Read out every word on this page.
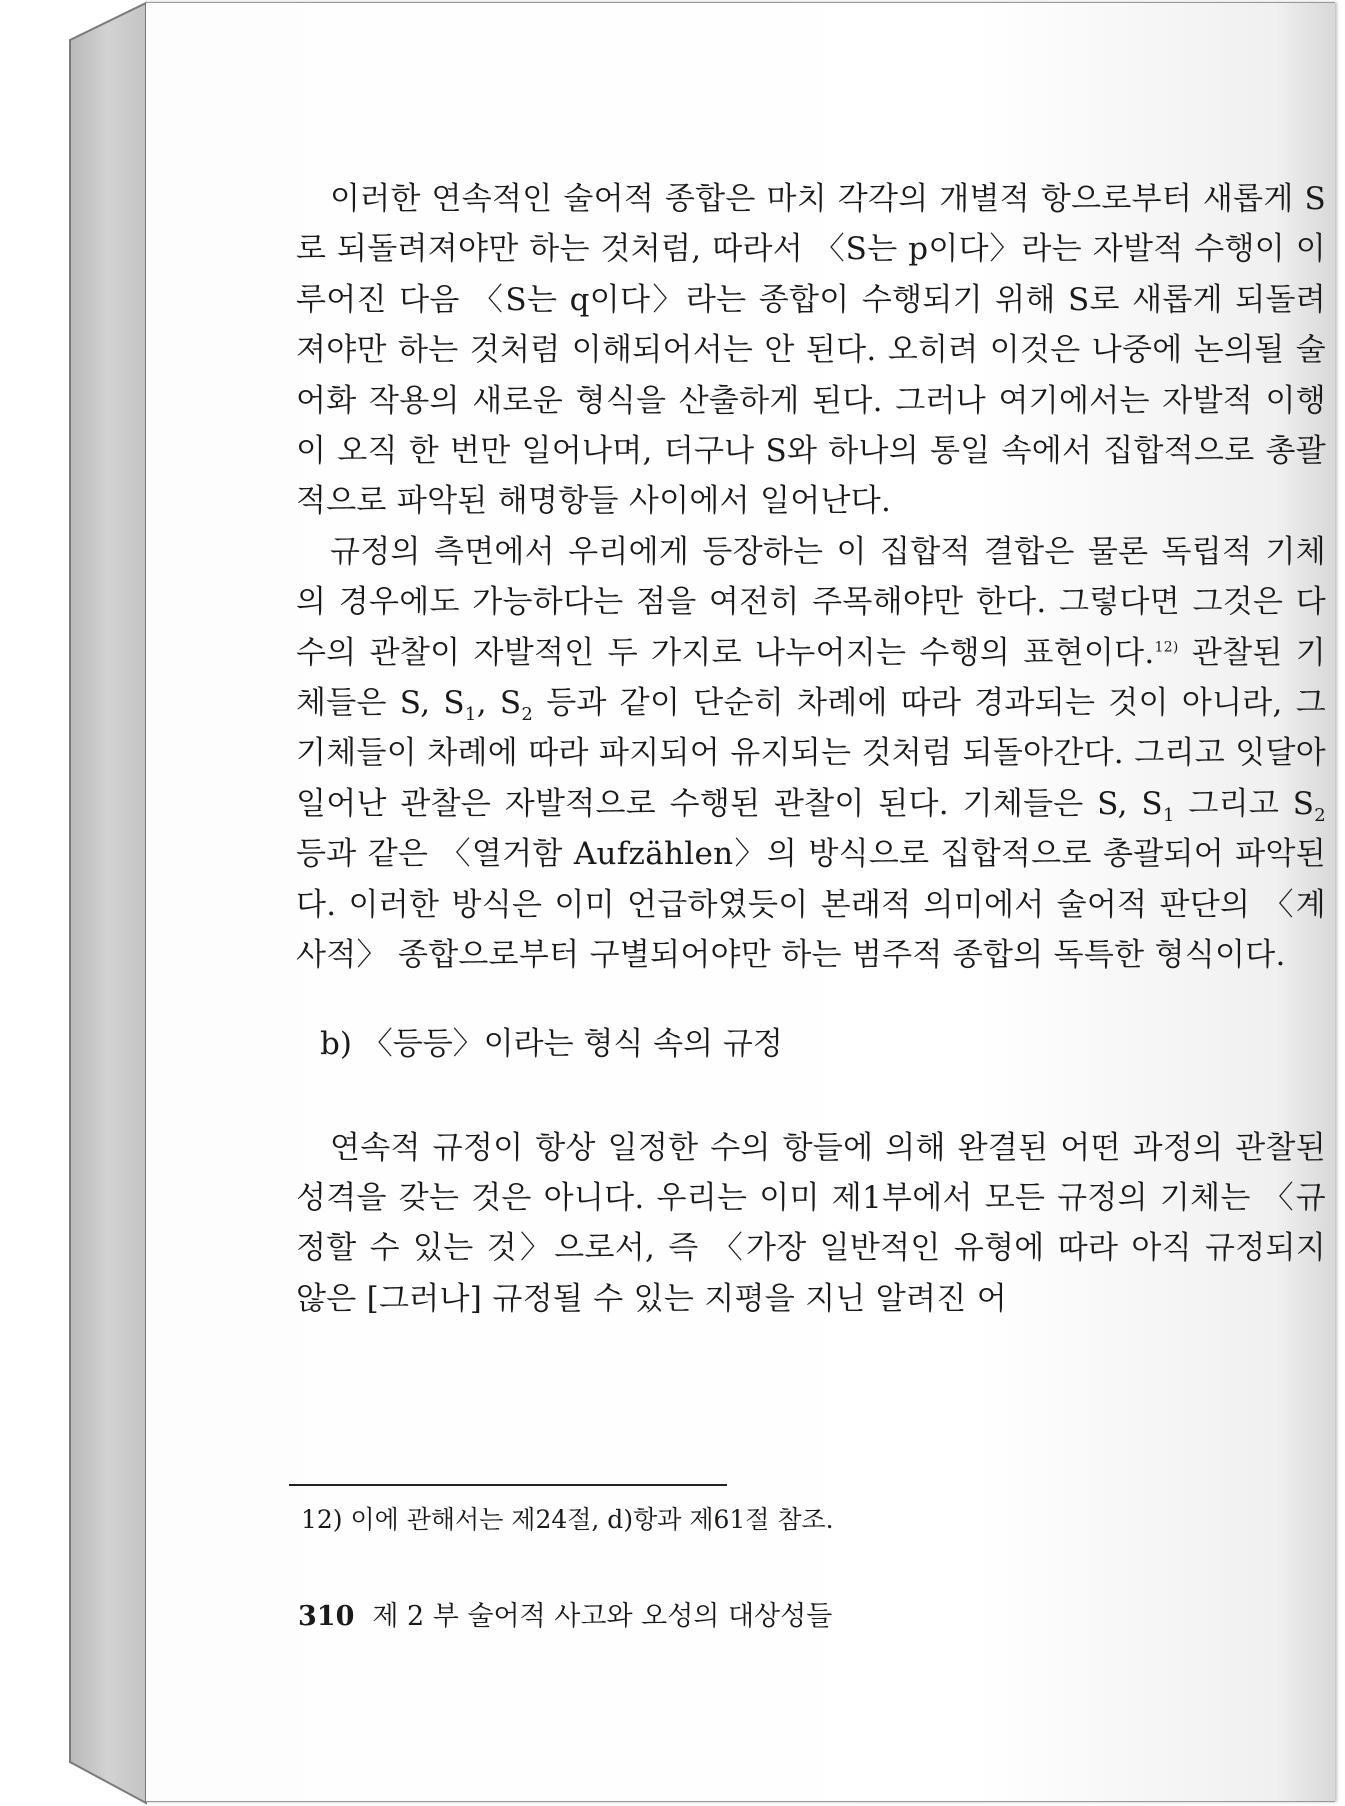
이러한 연속적인 술어적 종합은 마치 각각의 개별적 항으로부터 새롭게 S로 되돌려져야만 하는 것처럼, 따라서 〈S는 p이다〉라는 자발적 수행이 이루어진 다음 〈S는 q이다〉라는 종합이 수행되기 위해 S로 새롭게 되돌려져야만 하는 것처럼 이해되어서는 안 된다. 오히려 이것은 나중에 논의될 술어화 작용의 새로운 형식을 산출하게 된다. 그러나 여기에서는 자발적 이행이 오직 한 번만 일어나며, 더구나 S와 하나의 통일 속에서 집합적으로 총괄적으로 파악된 해명항들 사이에서 일어난다.

규정의 측면에서 우리에게 등장하는 이 집합적 결합은 물론 독립적 기체의 경우에도 가능하다는 점을 여전히 주목해야만 한다. 그렇다면 그것은 다수의 관찰이 자발적인 두 가지로 나누어지는 수행의 표현이다.$^{12)}$ 관찰된 기체들은 S, $S_1$, $S_2$ 등과 같이 단순히 차례에 따라 경과되는 것이 아니라, 그 기체들이 차례에 따라 파지되어 유지되는 것처럼 되돌아간다. 그리고 잇달아 일어난 관찰은 자발적으로 수행된 관찰이 된다. 기체들은 S, $S_1$ 그리고 $S_2$ 등과 같은 〈열거함 Aufzählen〉의 방식으로 집합적으로 총괄되어 파악된다. 이러한 방식은 이미 언급하였듯이 본래적 의미에서 술어적 판단의 〈계사적〉 종합으로부터 구별되어야만 하는 범주적 종합의 독특한 형식이다.

b) 〈등등〉이라는 형식 속의 규정

연속적 규정이 항상 일정한 수의 항들에 의해 완결된 어떤 과정의 관찰된 성격을 갖는 것은 아니다. 우리는 이미 제1부에서 모든 규정의 기체는 〈규정할 수 있는 것〉으로서, 즉 〈가장 일반적인 유형에 따라 아직 규정되지 않은 [그러나] 규정될 수 있는 지평을 지닌 알려진 어

12) 이에 관해서는 제24절, d)항과 제61절 참조.
310 제 2 부 술어적 사고와 오성의 대상성들
